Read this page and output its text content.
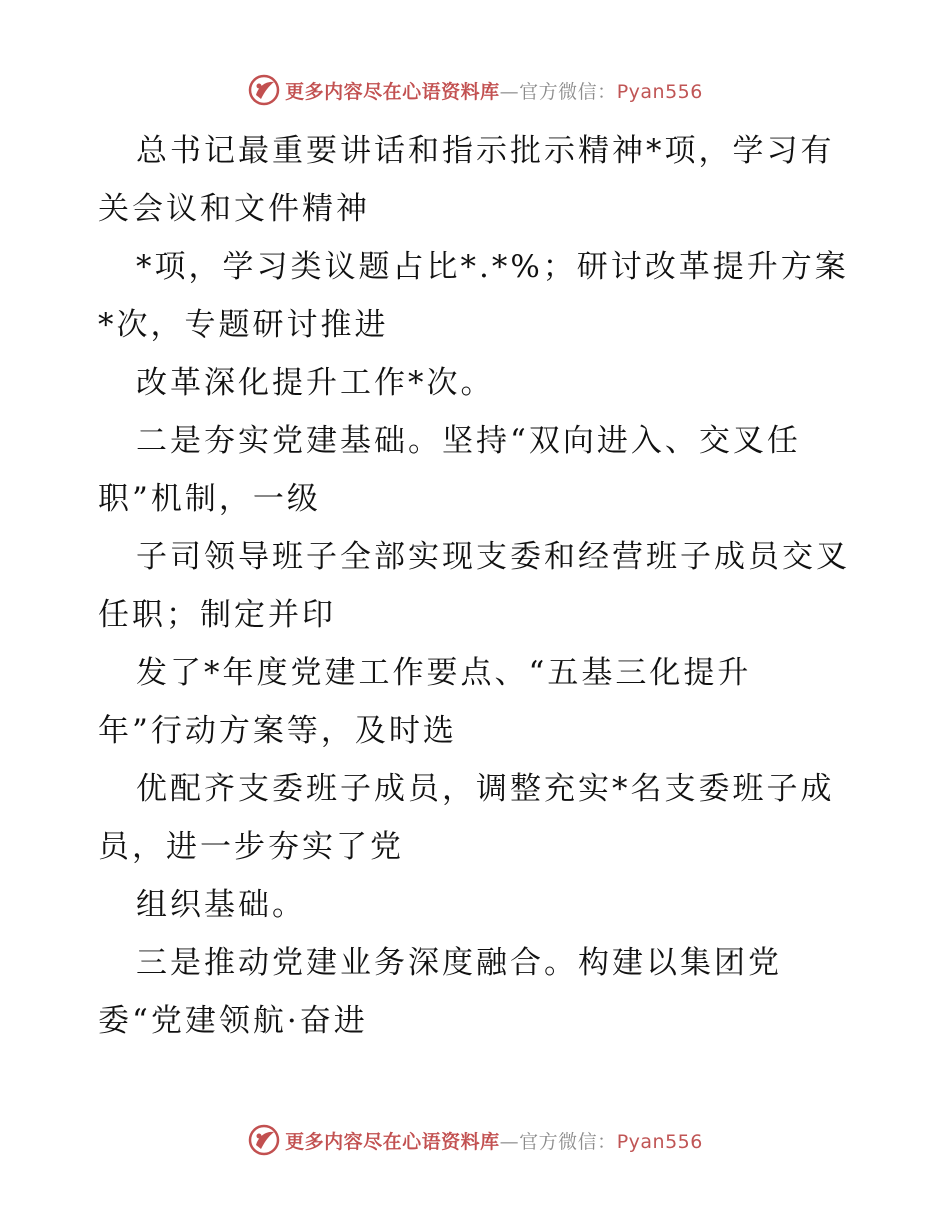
更多内容尽在心语资料库—官方微信：Pyan556
总书记最重要讲话和指示批示精神*项，学习有
关会议和文件精神
*项，学习类议题占比*.*%；研讨改革提升方案
*次，专题研讨推进
改革深化提升工作*次。
二是夯实党建基础。坚持“双向进入、交叉任
职”机制，一级
子司领导班子全部实现支委和经营班子成员交叉
任职；制定并印
发了*年度党建工作要点、“五基三化提升
年”行动方案等，及时选
优配齐支委班子成员，调整充实*名支委班子成
员，进一步夯实了党
组织基础。
三是推动党建业务深度融合。构建以集团党
委“党建领航·奋进
更多内容尽在心语资料库—官方微信：Pyan556
